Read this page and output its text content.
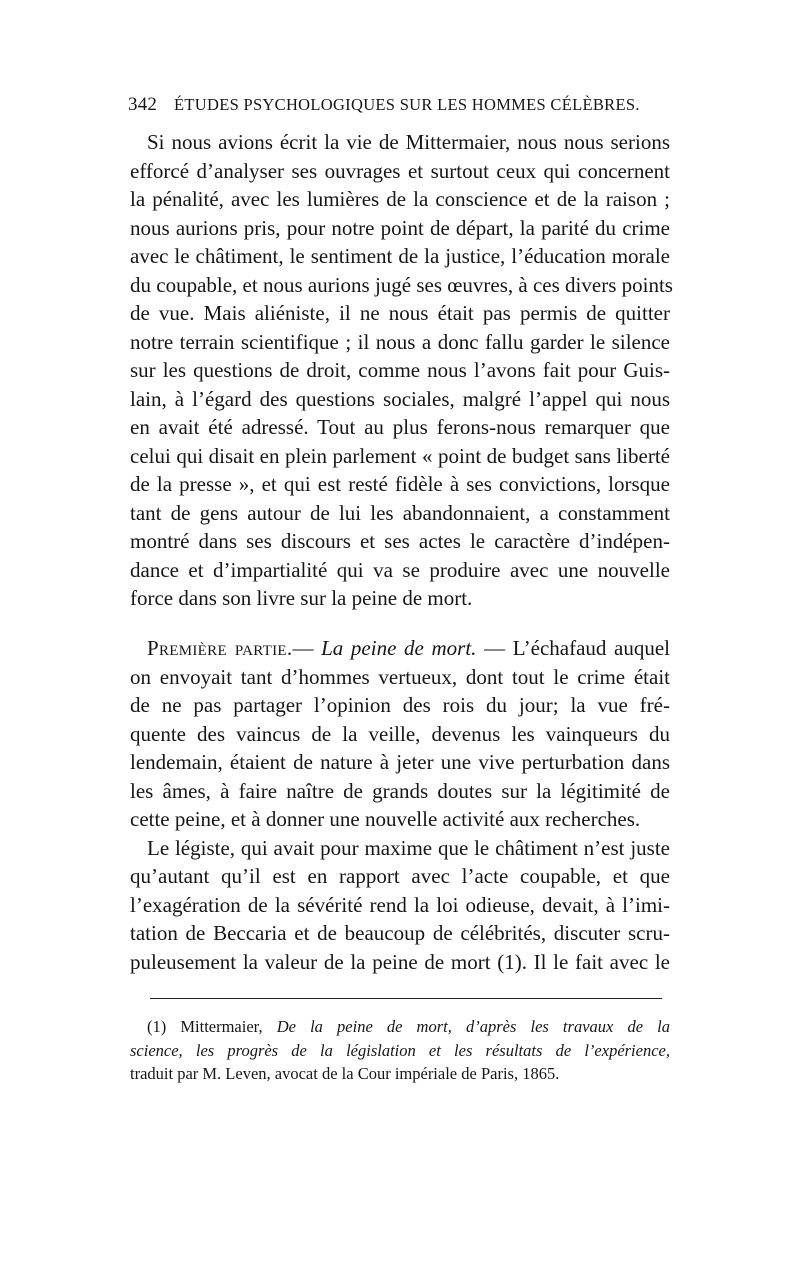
342 ÉTUDES PSYCHOLOGIQUES SUR LES HOMMES CÉLÈBRES.
Si nous avions écrit la vie de Mittermaier, nous nous serions
efforcé d’analyser ses ouvrages et surtout ceux qui concernent
la pénalité, avec les lumières de la conscience et de la raison ;
nous aurions pris, pour notre point de départ, la parité du crime
avec le châtiment, le sentiment de la justice, l’éducation morale
du coupable, et nous aurions jugé ses œuvres, à ces divers points
de vue. Mais aliéniste, il ne nous était pas permis de quitter
notre terrain scientifique ; il nous a donc fallu garder le silence
sur les questions de droit, comme nous l’avons fait pour Guis-
lain, à l’égard des questions sociales, malgré l’appel qui nous
en avait été adressé. Tout au plus ferons-nous remarquer que
celui qui disait en plein parlement « point de budget sans liberté
de la presse », et qui est resté fidèle à ses convictions, lorsque
tant de gens autour de lui les abandonnaient, a constamment
montré dans ses discours et ses actes le caractère d’indépen-
dance et d’impartialité qui va se produire avec une nouvelle
force dans son livre sur la peine de mort.
Première partie.— La peine de mort. — L’échafaud auquel
on envoyait tant d’hommes vertueux, dont tout le crime était
de ne pas partager l’opinion des rois du jour; la vue fré-
quente des vaincus de la veille, devenus les vainqueurs du
lendemain, étaient de nature à jeter une vive perturbation dans
les âmes, à faire naître de grands doutes sur la légitimité de
cette peine, et à donner une nouvelle activité aux recherches.
Le légiste, qui avait pour maxime que le châtiment n’est juste
qu’autant qu’il est en rapport avec l’acte coupable, et que
l’exagération de la sévérité rend la loi odieuse, devait, à l’imi-
tation de Beccaria et de beaucoup de célébrités, discuter scru-
puleusement la valeur de la peine de mort (1). Il le fait avec le
(1) Mittermaier, De la peine de mort, d’après les travaux de la
science, les progrès de la législation et les résultats de l’expérience,
traduit par M. Leven, avocat de la Cour impériale de Paris, 1865.
